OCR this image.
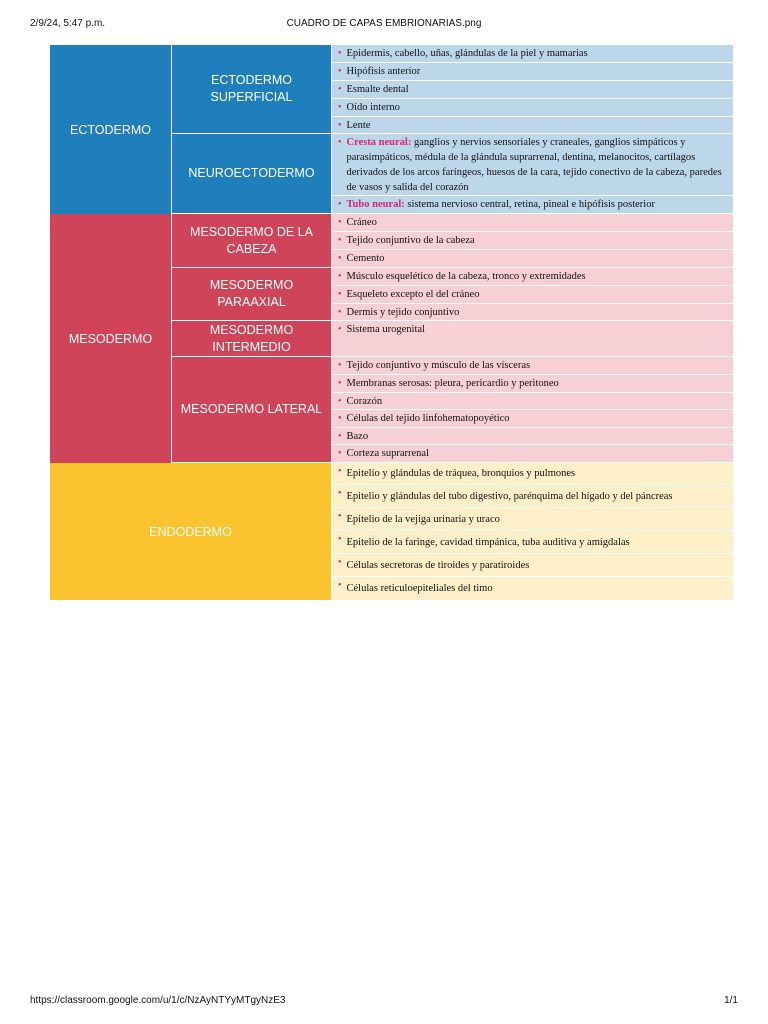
2/9/24, 5:47 p.m.	CUADRO DE CAPAS EMBRIONARIAS.png
ECTODERMO
ECTODERMO SUPERFICIAL
• Epidermis, cabello, uñas, glándulas de la piel y mamarias
• Hipófisis anterior
• Esmalte dental
• Oído interno
• Lente
NEUROECTODERMO
• Cresta neural: ganglios y nervios sensoriales y craneales, ganglios simpáticos y parasimpáticos, médula de la glándula suprarrenal, dentina, melanocitos, cartílagos derivados de los arcos faríngeos, huesos de la cara, tejido conectivo de la cabeza, paredes de vasos y salida del corazón
• Tubo neural: sistema nervioso central, retina, pineal e hipófisis posterior
MESODERMO
MESODERMO DE LA CABEZA
• Cráneo
• Tejido conjuntivo de la cabeza
• Cemento
MESODERMO PARAAXIAL
• Músculo esquelético de la cabeza, tronco y extremidades
• Esqueleto excepto el del cráneo
• Dermis y tejido conjuntivo
MESODERMO INTERMEDIO
• Sistema urogenital
MESODERMO LATERAL
• Tejido conjuntivo y músculo de las vísceras
• Membranas serosas: pleura, pericardio y peritoneo
• Corazón
• Células del tejido linfohematopoyético
• Bazo
• Corteza suprarrenal
ENDODERMO
• Epitelio y glándulas de tráquea, bronquios y pulmones
• Epitelio y glándulas del tubo digestivo, parénquima del hígado y del páncreas
• Epitelio de la vejiga urinaria y uraco
• Epitelio de la faringe, cavidad timpánica, tuba auditiva y amígdalas
• Células secretoras de tiroides y paratiroides
• Células reticuloepiteliales del timo
https://classroom.google.com/u/1/c/NzAyNTYyMTgyNzE3	1/1
